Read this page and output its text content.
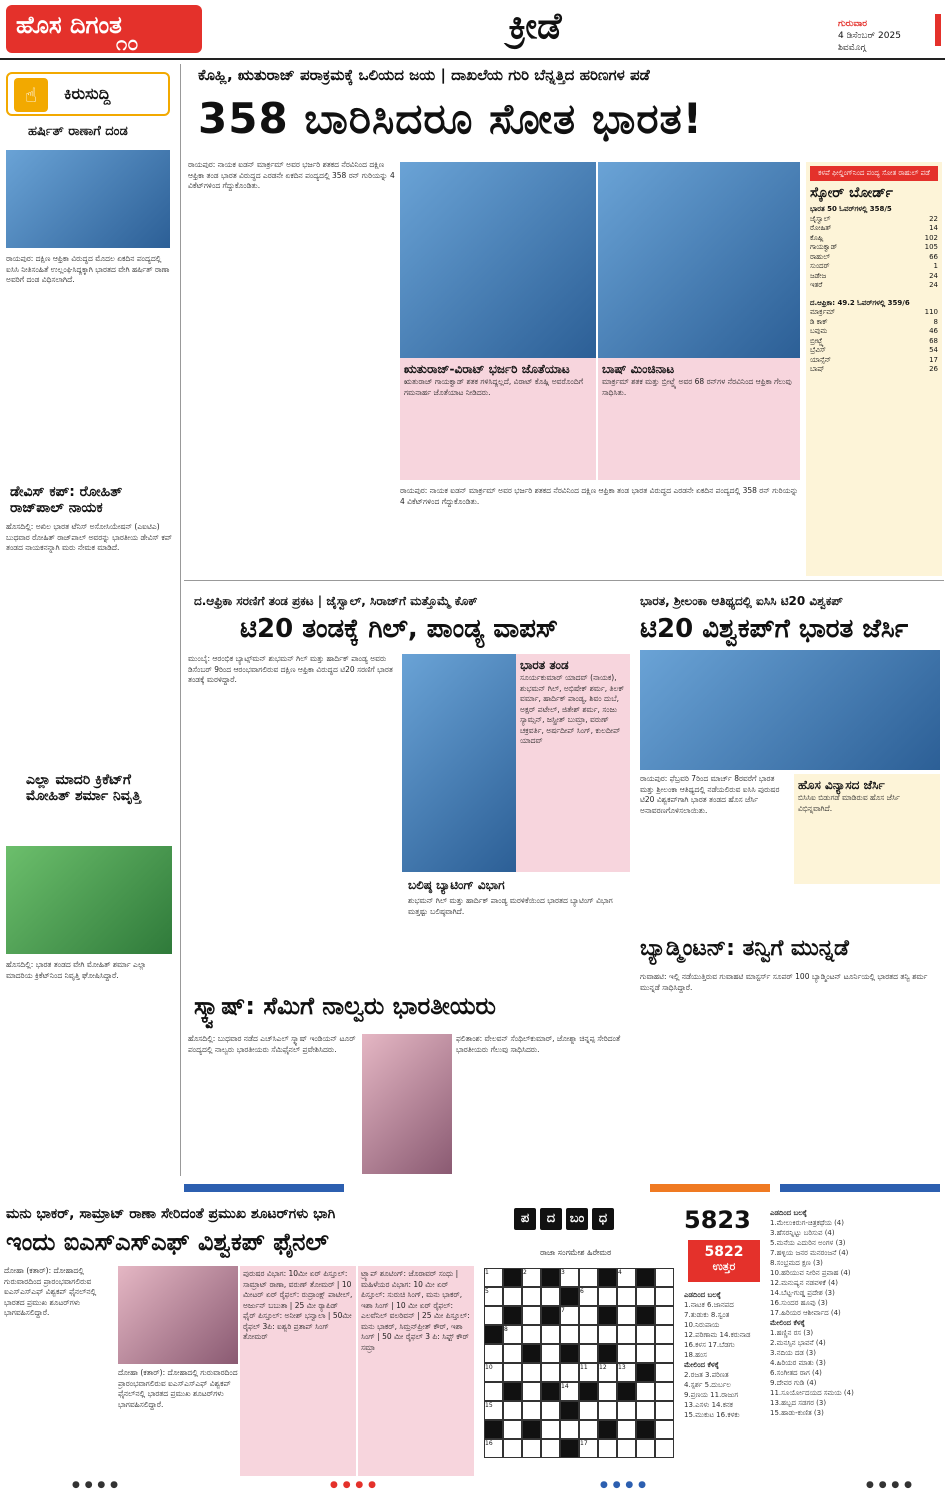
ಹೊಸ ದಿಗಂತ
೧೦	ಕ್ರೀಡೆ	ಗುರುವಾರ
4 ಡಿಸೆಂಬರ್ 2025
ಶಿವಮೊಗ್ಗ
☝	ಕಿರುಸುದ್ದಿ
ಹರ್ಷಿತ್ ರಾಣಾಗೆ ದಂಡ
ರಾಯಪುರ: ದಕ್ಷಿಣ ಆಫ್ರಿಕಾ ವಿರುದ್ಧದ ಮೊದಲ ಏಕದಿನ ಪಂದ್ಯದಲ್ಲಿ ಐಸಿಸಿ ನೀತಿಸಂಹಿತೆ ಉಲ್ಲಂಘಿಸಿದ್ದಕ್ಕಾಗಿ ಭಾರತದ ವೇಗಿ ಹರ್ಷಿತ್ ರಾಣಾ ಅವರಿಗೆ ದಂಡ ವಿಧಿಸಲಾಗಿದೆ.
ಡೇವಿಸ್ ಕಪ್: ರೋಹಿತ್ ರಾಜ್‌ಪಾಲ್ ನಾಯಕ
ಹೊಸದಿಲ್ಲಿ: ಅಖಿಲ ಭಾರತ ಟೆನಿಸ್ ಅಸೋಸಿಯೇಷನ್ (ಎಐಟಿಎ) ಬುಧವಾರ ರೋಹಿತ್ ರಾಜ್‌ಪಾಲ್ ಅವರನ್ನು ಭಾರತೀಯ ಡೇವಿಸ್ ಕಪ್ ತಂಡದ ನಾಯಕನನ್ನಾಗಿ ಮರು ನೇಮಕ ಮಾಡಿದೆ.
ಎಲ್ಲಾ ಮಾದರಿ ಕ್ರಿಕೆಟ್‌ಗೆ ಮೋಹಿತ್ ಶರ್ಮಾ ನಿವೃತ್ತಿ
ಹೊಸದಿಲ್ಲಿ: ಭಾರತ ತಂಡದ ವೇಗಿ ಮೋಹಿತ್ ಶರ್ಮಾ ಎಲ್ಲಾ ಮಾದರಿಯ ಕ್ರಿಕೆಟ್‌ನಿಂದ ನಿವೃತ್ತಿ ಘೋಷಿಸಿದ್ದಾರೆ.
ಕೊಹ್ಲಿ, ಋತುರಾಜ್ ಪರಾಕ್ರಮಕ್ಕೆ ಒಲಿಯದ ಜಯ | ದಾಖಲೆಯ ಗುರಿ ಬೆನ್ನತ್ತಿದ ಹರಿಣಗಳ ಪಡೆ
358 ಬಾರಿಸಿದರೂ ಸೋತ ಭಾರತ!
ರಾಯಪುರ: ನಾಯಕ ಐಡನ್ ಮಾರ್ಕ್ರಮ್ ಅವರ ಭರ್ಜರಿ ಶತಕದ ನೆರವಿನಿಂದ ದಕ್ಷಿಣ ಆಫ್ರಿಕಾ ತಂಡ ಭಾರತ ವಿರುದ್ಧದ ಎರಡನೇ ಏಕದಿನ ಪಂದ್ಯದಲ್ಲಿ 358 ರನ್ ಗುರಿಯನ್ನು 4 ವಿಕೆಟ್‌ಗಳಿಂದ ಗೆದ್ದುಕೊಂಡಿತು.
ಋತುರಾಜ್-ವಿರಾಟ್ ಭರ್ಜರಿ ಜೊತೆಯಾಟ
ಋತುರಾಜ್ ಗಾಯಕ್ವಾಡ್ ಶತಕ ಗಳಿಸಿದ್ದಲ್ಲದೆ, ವಿರಾಟ್ ಕೊಹ್ಲಿ ಅವರೊಂದಿಗೆ ಗಮನಾರ್ಹ ಜೊತೆಯಾಟ ನೀಡಿದರು.
ಬಾಷ್ ಮಿಂಚಿನಾಟ
ಮಾರ್ಕ್ರಮ್ ಶತಕ ಮತ್ತು ಬ್ರೀಟ್ಜ್ಕೆ ಅವರ 68 ರನ್‌ಗಳ ನೆರವಿನಿಂದ ಆಫ್ರಿಕಾ ಗೆಲುವು ಸಾಧಿಸಿತು.
ರಾಯಪುರ: ನಾಯಕ ಐಡನ್ ಮಾರ್ಕ್ರಮ್ ಅವರ ಭರ್ಜರಿ ಶತಕದ ನೆರವಿನಿಂದ ದಕ್ಷಿಣ ಆಫ್ರಿಕಾ ತಂಡ ಭಾರತ ವಿರುದ್ಧದ ಎರಡನೇ ಏಕದಿನ ಪಂದ್ಯದಲ್ಲಿ 358 ರನ್ ಗುರಿಯನ್ನು 4 ವಿಕೆಟ್‌ಗಳಿಂದ ಗೆದ್ದುಕೊಂಡಿತು.
ಕಳಪೆ ಫೀಲ್ಡಿಂಗ್‌ನಿಂದ ಪಂದ್ಯ ಸೋತ ರಾಹುಲ್ ಪಡೆ
ಸ್ಕೋರ್ ಬೋರ್ಡ್
ಭಾರತ 50 ಓವರ್‌ಗಳಲ್ಲಿ 358/5
ಜೈಸ್ವಾಲ್	22
ರೋಹಿತ್	14
ಕೊಹ್ಲಿ	102
ಗಾಯಕ್ವಾಡ್	105
ರಾಹುಲ್	66
ಸುಂದರ್	1
ಜಡೇಜ	24
ಇತರೆ	24
ದ.ಆಫ್ರಿಕಾ: 49.2 ಓವರ್‌ಗಳಲ್ಲಿ 359/6
ಮಾರ್ಕ್ರಮ್	110
ಡಿ ಕಾಕ್	8
ಬವುಮ	46
ಬ್ರೀಟ್ಜ್ಕೆ	68
ಬ್ರೆವಿಸ್	54
ಯಾನ್ಸೆನ್	17
ಬಾಷ್	26
ದ.ಆಫ್ರಿಕಾ ಸರಣಿಗೆ ತಂಡ ಪ್ರಕಟ | ಜೈಸ್ವಾಲ್, ಸಿರಾಜ್‌ಗೆ ಮತ್ತೊಮ್ಮೆ ಕೊಕ್
ಟಿ20 ತಂಡಕ್ಕೆ ಗಿಲ್, ಪಾಂಡ್ಯ ವಾಪಸ್
ಮುಂಬೈ: ಆರಂಭಿಕ ಬ್ಯಾಟ್ಸ್‌ಮನ್ ಶುಭಮನ್ ಗಿಲ್ ಮತ್ತು ಹಾರ್ದಿಕ್ ಪಾಂಡ್ಯ ಅವರು ಡಿಸೆಂಬರ್ 9ರಿಂದ ಆರಂಭವಾಗಲಿರುವ ದಕ್ಷಿಣ ಆಫ್ರಿಕಾ ವಿರುದ್ಧದ ಟಿ20 ಸರಣಿಗೆ ಭಾರತ ತಂಡಕ್ಕೆ ಮರಳಿದ್ದಾರೆ.
ಭಾರತ ತಂಡ
ಸೂರ್ಯಕುಮಾರ್ ಯಾದವ್ (ನಾಯಕ), ಶುಭಮನ್ ಗಿಲ್, ಅಭಿಷೇಕ್ ಶರ್ಮ, ತಿಲಕ್ ವರ್ಮಾ, ಹಾರ್ದಿಕ್ ಪಾಂಡ್ಯ, ಶಿವಂ ದುಬೆ, ಅಕ್ಷರ್ ಪಟೇಲ್, ಜಿತೇಶ್ ಶರ್ಮ, ಸಂಜು ಸ್ಯಾಮ್ಸನ್, ಜಸ್ಪ್ರೀತ್ ಬುಮ್ರಾ, ವರುಣ್ ಚಕ್ರವರ್ತಿ, ಅರ್ಷದೀಪ್ ಸಿಂಗ್, ಕುಲದೀಪ್ ಯಾದವ್
ಬಲಿಷ್ಠ ಬ್ಯಾಟಿಂಗ್ ವಿಭಾಗ
ಶುಭಮನ್ ಗಿಲ್ ಮತ್ತು ಹಾರ್ದಿಕ್ ಪಾಂಡ್ಯ ಮರಳಿಕೆಯಿಂದ ಭಾರತದ ಬ್ಯಾಟಿಂಗ್ ವಿಭಾಗ ಮತ್ತಷ್ಟು ಬಲಿಷ್ಠವಾಗಿದೆ.
ಭಾರತ, ಶ್ರೀಲಂಕಾ ಆತಿಥ್ಯದಲ್ಲಿ ಐಸಿಸಿ ಟಿ20 ವಿಶ್ವಕಪ್
ಟಿ20 ವಿಶ್ವಕಪ್‌ಗೆ ಭಾರತ ಜೆರ್ಸಿ
ರಾಯಪುರ: ಫೆಬ್ರವರಿ 7ರಿಂದ ಮಾರ್ಚ್ 8ರವರೆಗೆ ಭಾರತ ಮತ್ತು ಶ್ರೀಲಂಕಾ ಆತಿಥ್ಯದಲ್ಲಿ ನಡೆಯಲಿರುವ ಐಸಿಸಿ ಪುರುಷರ ಟಿ20 ವಿಶ್ವಕಪ್‌ಗಾಗಿ ಭಾರತ ತಂಡದ ಹೊಸ ಜೆರ್ಸಿ ಅನಾವರಣಗೊಳಿಸಲಾಯಿತು.
ಹೊಸ ವಿನ್ಯಾಸದ ಜೆರ್ಸಿ
ಬಿಸಿಸಿಐ ಬಿಡುಗಡೆ ಮಾಡಿರುವ ಹೊಸ ಜೆರ್ಸಿ ವಿಭಿನ್ನವಾಗಿದೆ.
ಬ್ಯಾಡ್ಮಿಂಟನ್: ತನ್ವಿಗೆ ಮುನ್ನಡೆ
ಗುವಾಹಟಿ: ಇಲ್ಲಿ ನಡೆಯುತ್ತಿರುವ ಗುವಾಹಟಿ ಮಾಸ್ಟರ್ಸ್ ಸೂಪರ್ 100 ಬ್ಯಾಡ್ಮಿಂಟನ್ ಟೂರ್ನಿಯಲ್ಲಿ ಭಾರತದ ತನ್ವಿ ಶರ್ಮ ಮುನ್ನಡೆ ಸಾಧಿಸಿದ್ದಾರೆ.
ಸ್ಕ್ವಾಷ್: ಸೆಮಿಗೆ ನಾಲ್ವರು ಭಾರತೀಯರು
ಹೊಸದಿಲ್ಲಿ: ಬುಧವಾರ ನಡೆದ ಎಚ್‌ಸಿಎಲ್ ಸ್ಕ್ವಾಷ್ ಇಂಡಿಯನ್ ಟೂರ್ ಪಂದ್ಯದಲ್ಲಿ ನಾಲ್ವರು ಭಾರತೀಯರು ಸೆಮಿಫೈನಲ್ ಪ್ರವೇಶಿಸಿದರು.
ಫಲಿತಾಂಶ: ವೇಲವನ್ ಸೆಂಥಿಲ್‌ಕುಮಾರ್, ಜೋಶ್ನಾ ಚಿನ್ನಪ್ಪ ಸೇರಿದಂತೆ ಭಾರತೀಯರು ಗೆಲುವು ಸಾಧಿಸಿದರು.
ಮನು ಭಾಕರ್, ಸಾಮ್ರಾಟ್ ರಾಣಾ ಸೇರಿದಂತೆ ಪ್ರಮುಖ ಶೂಟರ್‌ಗಳು ಭಾಗಿ
ಇಂದು ಐಎಸ್‌ಎಸ್‌ಎಫ್ ವಿಶ್ವಕಪ್ ಫೈನಲ್
ದೋಹಾ (ಕತಾರ್): ದೋಹಾದಲ್ಲಿ ಗುರುವಾರದಿಂದ ಪ್ರಾರಂಭವಾಗಲಿರುವ ಐಎಸ್‌ಎಸ್‌ಎಫ್ ವಿಶ್ವಕಪ್ ಫೈನಲ್‌ನಲ್ಲಿ ಭಾರತದ ಪ್ರಮುಖ ಶೂಟರ್‌ಗಳು ಭಾಗವಹಿಸಲಿದ್ದಾರೆ.
ದೋಹಾ (ಕತಾರ್): ದೋಹಾದಲ್ಲಿ ಗುರುವಾರದಿಂದ ಪ್ರಾರಂಭವಾಗಲಿರುವ ಐಎಸ್‌ಎಸ್‌ಎಫ್ ವಿಶ್ವಕಪ್ ಫೈನಲ್‌ನಲ್ಲಿ ಭಾರತದ ಪ್ರಮುಖ ಶೂಟರ್‌ಗಳು ಭಾಗವಹಿಸಲಿದ್ದಾರೆ.
ಪುರುಷರ ವಿಭಾಗ: 10ಮೀ ಏರ್ ಪಿಸ್ತೂಲ್: ಸಾಮ್ರಾಟ್ ರಾಣಾ, ವರುಣ್ ತೋಮರ್ | 10 ಮೀಟರ್ ಏರ್ ರೈಫಲ್: ರುದ್ರಾಂಕ್ಷ್ ಪಾಟೀಲ್, ಅರ್ಜುನ್ ಬಬುತಾ | 25 ಮೀ ರ‍್ಯಾಪಿಡ್ ಫೈರ್ ಪಿಸ್ತೂಲ್: ಅನೀಶ್ ಭನ್ವಾಲಾ | 50ಮೀ ರೈಫಲ್ 3ಪಿ: ಐಶ್ವರಿ ಪ್ರತಾಪ್ ಸಿಂಗ್ ತೋಮರ್
ಟ್ರ್ಯಾಪ್ ಶೂಟಿಂಗ್: ಜೊರಾವರ್ ಸಂಧು | ಮಹಿಳೆಯರ ವಿಭಾಗ: 10 ಮೀ ಏರ್ ಪಿಸ್ತೂಲ್: ಸುರುಚಿ ಸಿಂಗ್, ಮನು ಭಾಕರ್, ಇಶಾ ಸಿಂಗ್ | 10 ಮೀ ಏರ್ ರೈಫಲ್: ಎಲವೆನಿಲ್ ವಲರಿವನ್ | 25 ಮೀ ಪಿಸ್ತೂಲ್: ಮನು ಭಾಕರ್, ಸಿಮ್ರನ್‌ಪ್ರೀತ್ ಕೌರ್, ಇಶಾ ಸಿಂಗ್ | 50 ಮೀ ರೈಫಲ್ 3 ಪಿ: ಸಿಫ್ಟ್ ಕೌರ್ ಸಮ್ರಾ
ಪ	ದ	ಬಂ	ಧ
ರಾಜಾ ಸಂಗಮೇಶ ಹಿರೇಮಠ
1	2	3	4
5	6
7
8
10	11	12	13
14
15
16	17
5823
5822
ಉತ್ತರ
ಎಡದಿಂದ ಬಲಕ್ಕೆ
1.ನಾಟಕ 6.ಜಾನಪದ
7.ತುಡುಕು 8.ಸ್ವಂತ
10.ನಿರುಪಾಯ
12.ಪರಿಣಾಮ 14.ಕರುನಾಡ
16.ಕಳಸ 17.ಬೆಡಗು
18.ಹಂಸ
ಮೇಲಿಂದ ಕೆಳಕ್ಕೆ
2.ರಜತ 3.ಪರಿಣತ
4.ಸ್ಪರ್ಶ 5.ದುರ್ಬಲ
9.ಪ್ರಣಯ 11.ರಾಜುಗ
13.ಎಸಳು 14.ಕನಕ
15.ಮುಕುಟ 16.ಕಳಕು
ಎಡದಿಂದ ಬಲಕ್ಕೆ
1.ಮೇಲುಕಿರುಗ-ಚಿತ್ರಕಥೆಯ (4)
3.ಹೆಸರನ್ನಿಟ್ಟು ಬರಿಸುವ (4)
5.ಮನೆಯ ಎದುರಿನ ಅಂಗಳ (3)
7.ಹಳ್ಳಿಯ ಜನರ ಮನರಂಜನೆ (4)
8.ಸಂಭ್ರಮದ ಕ್ಷಣ (3)
10.ಹರಿಯುವ ನೀರಿನ ಪ್ರವಾಹ (4)
12.ಮನುಷ್ಯನ ನಡವಳಿಕೆ (4)
14.ಬೆಟ್ಟ-ಗುಡ್ಡ ಪ್ರದೇಶ (3)
16.ಸುಂದರ ಹೂವು (3)
17.ಹಿರಿಯರ ಆಶೀರ್ವಾದ (4)
ಮೇಲಿಂದ ಕೆಳಕ್ಕೆ
1.ಹಣ್ಣಿನ ರಸ (3)
2.ಮನಸ್ಸಿನ ಭಾವನೆ (4)
3.ನದಿಯ ದಡ (3)
4.ಹಿರಿಯರ ಮಾತು (3)
6.ಸಂಗೀತದ ರಾಗ (4)
9.ದೇವರ ಗುಡಿ (4)
11.ಸೂರ್ಯೋದಯದ ಸಮಯ (4)
13.ಹಬ್ಬದ ಸಡಗರ (3)
15.ಹಾಡು-ಕುಣಿತ (3)
● ● ● ●	● ● ● ●	● ● ● ●	● ● ● ●
